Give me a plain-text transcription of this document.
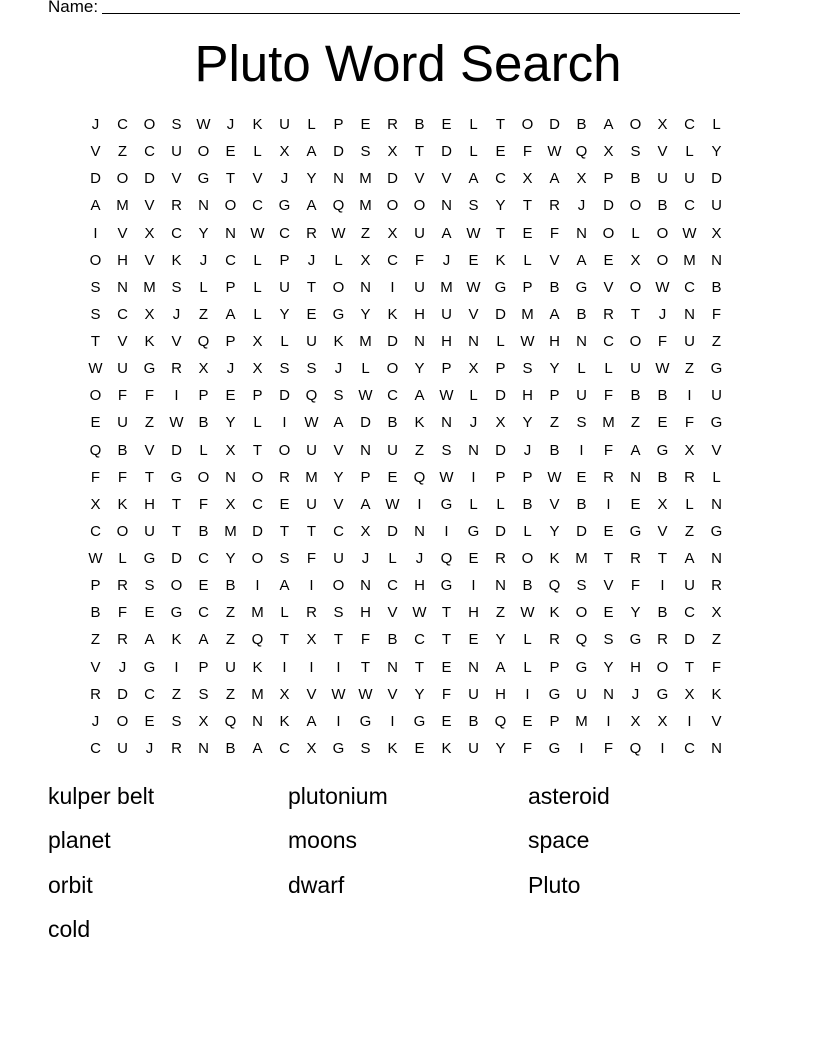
Name:
Pluto Word Search
J	C	O	S W	J	K	U	L	P	E	R	B	E	L	T	O	D	B	A	O	X	C	L
V	Z	C	U	O	E	L	X	A	D	S	X	T	D	L	E	F	W Q	X	S	V	L	Y
D	O	D	V	G	T	V	J	Y	N	M	D	V	V	A	C	X	A	X	P	B	U	U	D
A	M	V	R	N	O	C	G	A	Q M O	O	N	S	Y	T	R	J	D	O	B	C	U
I	V	X	C	Y	N W C	R W	Z	X	U	A W	T	E	F	N	O	L	O W X
O	H	V	K	J	C	L	P	J	L	X	C	F	J	E	K	L	V	A	E	X	O M	N
S	N	M	S	L	P	L	U	T	O	N	I	U	M W G	P	B	G	V	O W C	B
S	C	X	J	Z	A	L	Y	E	G	Y	K	H	U	V	D	M	A	B	R	T	J	N	F
T	V	K	V	Q	P	X	L	U	K	M	D	N	H	N	L	W H	N	C	O	F	U	Z
W U	G	R	X	J	X	S	S	J	L	O	Y	P	X	P	S	Y	L	L	U W	Z	G
O	F	F	I	P	E	P	D	Q	S W C	A W	L	D	H	P	U	F	B	B	I	U
E	U	Z	W B	Y	L	I	W A	D	B	K	N	J	X	Y	Z	S	M	Z	E	F	G
Q	B	V	D	L	X	T	O	U	V	N	U	Z	S	N	D	J	B	I	F	A	G	X	V
F	F	T	G	O	N	O	R	M	Y	P	E	Q W	I	P	P W E	R	N	B	R	L
X	K	H	T	F	X	C	E	U	V	A W	I	G	L	L	B	V	B	I	E	X	L	N
C	O	U	T	B	M	D	T	T	C	X	D	N	I	G	D	L	Y	D	E	G	V	Z	G
W	L	G	D	C	Y	O	S	F	U	J	L	J	Q	E	R	O	K	M	T	R	T	A	N
P	R	S	O	E	B	I	A	I	O	N	C	H	G	I	N	B	Q	S	V	F	I	U	R
B	F	E	G	C	Z	M	L	R	S	H	V W	T	H	Z	W K	O	E	Y	B	C	X
Z	R	A	K	A	Z	Q	T	X	T	F	B	C	T	E	Y	L	R	Q	S	G	R	D	Z
V	J	G	I	P	U	K	I	I	I	T	N	T	E	N	A	L	P	G	Y	H	O	T	F
R	D	C	Z	S	Z	M	X	V W W V	Y	F	U	H	I	G	U	N	J	G	X	K
J	O	E	S	X	Q	N	K	A	I	G	I	G	E	B	Q	E	P	M	I	X	X	I	V
C	U	J	R	N	B	A	C	X	G	S	K	E	K	U	Y	F	G	I	F	Q	I	C	N
kulper belt	plutonium	asteroid
planet	moons	space
orbit	dwarf	Pluto
cold
